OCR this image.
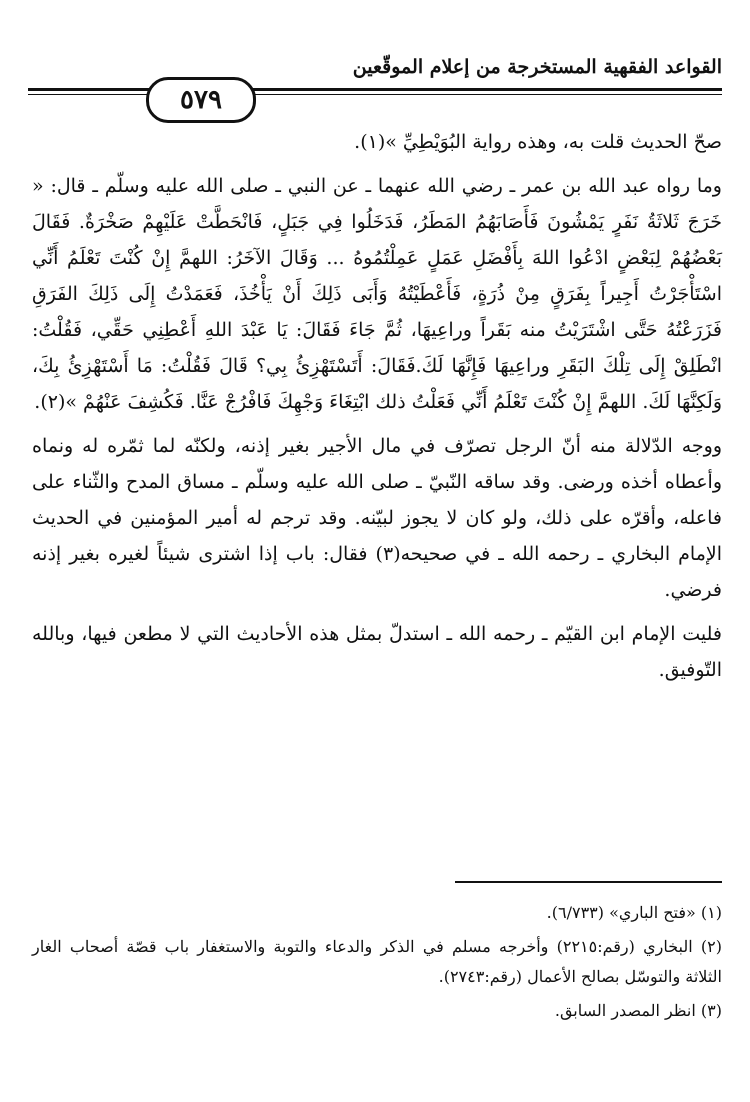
القواعد الفقهية المستخرجة من إعلام الموقّعين
٥٧٩

صحّ الحديث قلت به، وهذه رواية البُوَيْطِيِّ »(١).

وما رواه عبد الله بن عمر ـ رضي الله عنهما ـ عن النبي ـ صلى الله عليه وسلّم ـ قال: « خَرَجَ ثَلاثَةُ نَفَرٍ يَمْشُونَ فَأَصَابَهُمُ المَطَرُ، فَدَخَلُوا فِي جَبَلٍ، فَانْحَطَّتْ عَلَيْهِمْ صَخْرَةٌ. فَقَالَ بَعْضُهُمْ لِبَعْضٍ ادْعُوا اللهَ بِأَفْضَلِ عَمَلٍ عَمِلْتُمُوهُ ... وَقَالَ الآخَرُ: اللهمَّ إِنْ كُنْتَ تَعْلَمُ أَنِّي اسْتَأْجَرْتُ أَجِيراً بِفَرَقٍ مِنْ ذُرَةٍ، فَأَعْطَيْتُهُ وَأَبَى ذَلِكَ أَنْ يَأْخُذَ، فَعَمَدْتُ إِلَى ذَلِكَ الفَرَقِ فَزَرَعْتُهُ حَتَّى اشْتَرَيْتُ منه بَقَراً وراعِيهَا، ثُمَّ جَاءَ فَقَالَ: يَا عَبْدَ اللهِ أَعْطِنِي حَقِّي، فَقُلْتُ: انْطَلِقْ إِلَى تِلْكَ البَقَرِ وراعِيهَا فَإِنَّهَا لَكَ.فَقَالَ: أَتَسْتَهْزِئُ بِي؟ قَالَ فَقُلْتُ: مَا أَسْتَهْزِئُ بِكَ، وَلَكِنَّهَا لَكَ. اللهمَّ إِنْ كُنْتَ تَعْلَمُ أَنِّي فَعَلْتُ ذلك ابْتِغَاءَ وَجْهِكَ فَافْرُجْ عَنَّا. فَكُشِفَ عَنْهُمْ »(٢).

ووجه الدّلالة منه أنّ الرجل تصرّف في مال الأجير بغير إذنه، ولكنّه لما ثمّره له ونماه وأعطاه أخذه ورضى. وقد ساقه النّبيّ ـ صلى الله عليه وسلّم ـ مساق المدح والثّناء على فاعله، وأقرّه على ذلك، ولو كان لا يجوز لبيّنه. وقد ترجم له أمير المؤمنين في الحديث الإمام البخاري ـ رحمه الله ـ في صحيحه(٣) فقال: باب إذا اشترى شيئاً لغيره بغير إذنه فرضي.

فليت الإمام ابن القيّم ـ رحمه الله ـ استدلّ بمثل هذه الأحاديث التي لا مطعن فيها، وبالله التّوفيق.

(١) «فتح الباري» (٦/٧٣٣).

(٢) البخاري (رقم:٢٢١٥) وأخرجه مسلم في الذكر والدعاء والتوبة والاستغفار باب قصّة أصحاب الغار الثلاثة والتوسّل بصالح الأعمال (رقم:٢٧٤٣).

(٣) انظر المصدر السابق.
